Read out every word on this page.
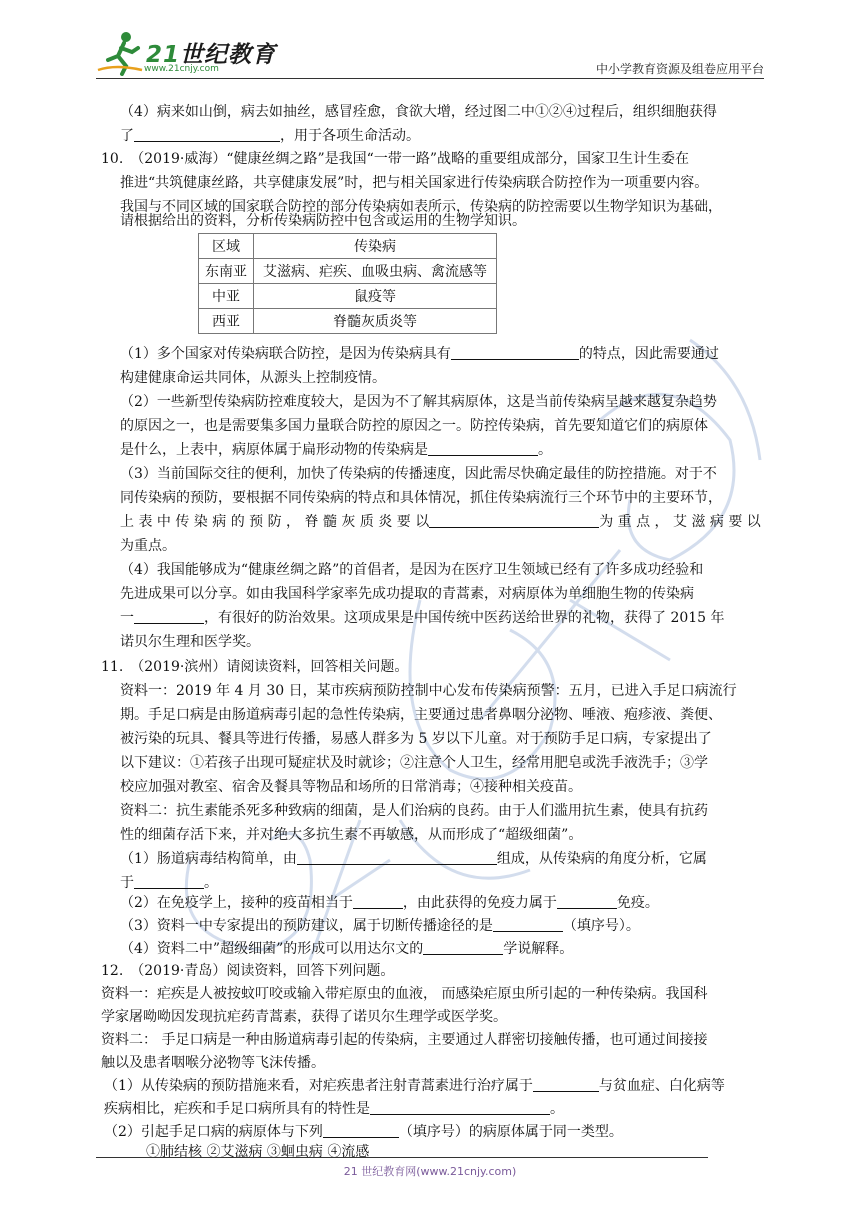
21世纪教育
www.21cnjy.com	中小学教育资源及组卷应用平台
（4）病来如山倒，病去如抽丝，感冒痊愈，食欲大增，经过图二中①②④过程后，组织细胞获得
了	，用于各项生命活动。
10.　（2019·威海）“健康丝绸之路”是我国“一带一路”战略的重要组成部分，国家卫生计生委在
推进“共筑健康丝路，共享健康发展”时，把与相关国家进行传染病联合防控作为一项重要内容。
我国与不同区域的国家联合防控的部分传染病如表所示，传染病的防控需要以生物学知识为基础，
请根据给出的资料，分析传染病防控中包含或运用的生物学知识。
区域	传染病
东南亚	艾滋病、疟疾、血吸虫病、禽流感等
中亚	鼠疫等
西亚	脊髓灰质炎等
（1）多个国家对传染病联合防控，是因为传染病具有	的特点，因此需要通过
构建健康命运共同体，从源头上控制疫情。
（2）一些新型传染病防控难度较大，是因为不了解其病原体，这是当前传染病呈越来越复杂趋势
的原因之一，也是需要集多国力量联合防控的原因之一。防控传染病，首先要知道它们的病原体
是什么，上表中，病原体属于扁形动物的传染病是	。
（3）当前国际交往的便利，加快了传染病的传播速度，因此需尽快确定最佳的防控措施。对于不
同传染病的预防，要根据不同传染病的特点和具体情况，抓住传染病流行三个环节中的主要环节，
上 表 中 传 染 病 的 预 防 ， 脊 髓 灰 质 炎 要 以	为 重 点 ， 艾 滋 病 要 以
为重点。
（4）我国能够成为“健康丝绸之路”的首倡者，是因为在医疗卫生领域已经有了许多成功经验和
先进成果可以分享。如由我国科学家率先成功提取的青蒿素，对病原体为单细胞生物的传染病
一	，有很好的防治效果。这项成果是中国传统中医药送给世界的礼物，获得了 2015 年
诺贝尔生理和医学奖。
11.　（2019·滨州）请阅读资料，回答相关问题。
资料一：2019 年 4 月 30 日，某市疾病预防控制中心发布传染病预警：五月，已进入手足口病流行
期。手足口病是由肠道病毒引起的急性传染病，主要通过患者鼻咽分泌物、唾液、疱疹液、粪便、
被污染的玩具、餐具等进行传播，易感人群多为 5 岁以下儿童。对于预防手足口病，专家提出了
以下建议：①若孩子出现可疑症状及时就诊；②注意个人卫生，经常用肥皂或洗手液洗手；③学
校应加强对教室、宿舍及餐具等物品和场所的日常消毒；④接种相关疫苗。
资料二：抗生素能杀死多种致病的细菌，是人们治病的良药。由于人们滥用抗生素，使具有抗药
性的细菌存活下来，并对绝大多抗生素不再敏感，从而形成了“超级细菌”。
（1）肠道病毒结构简单，由	组成，从传染病的角度分析，它属
于	。
（2）在免疫学上，接种的疫苗相当于	，由此获得的免疫力属于	免疫。
（3）资料一中专家提出的预防建议，属于切断传播途径的是	（填序号）。
（4）资料二中”超级细菌”的形成可以用达尔文的	学说解释。
12.　（2019·青岛）阅读资料，回答下列问题。
资料一：疟疾是人被按蚊叮咬或输入带疟原虫的血液， 而感染疟原虫所引起的一种传染病。我国科
学家屠呦呦因发现抗疟药青蒿素，获得了诺贝尔生理学或医学奖。
资料二： 手足口病是一种由肠道病毒引起的传染病，主要通过人群密切接触传播，也可通过间接接
触以及患者咽喉分泌物等飞沫传播。
（1）从传染病的预防措施来看，对疟疾患者注射青蒿素进行治疗属于	与贫血症、白化病等
疾病相比，疟疾和手足口病所具有的特性是	。
（2）引起手足口病的病原体与下列	（填序号）的病原体属于同一类型。
①肺结核 ②艾滋病 ③蛔虫病 ④流感
21 世纪教育网(www.21cnjy.com)
